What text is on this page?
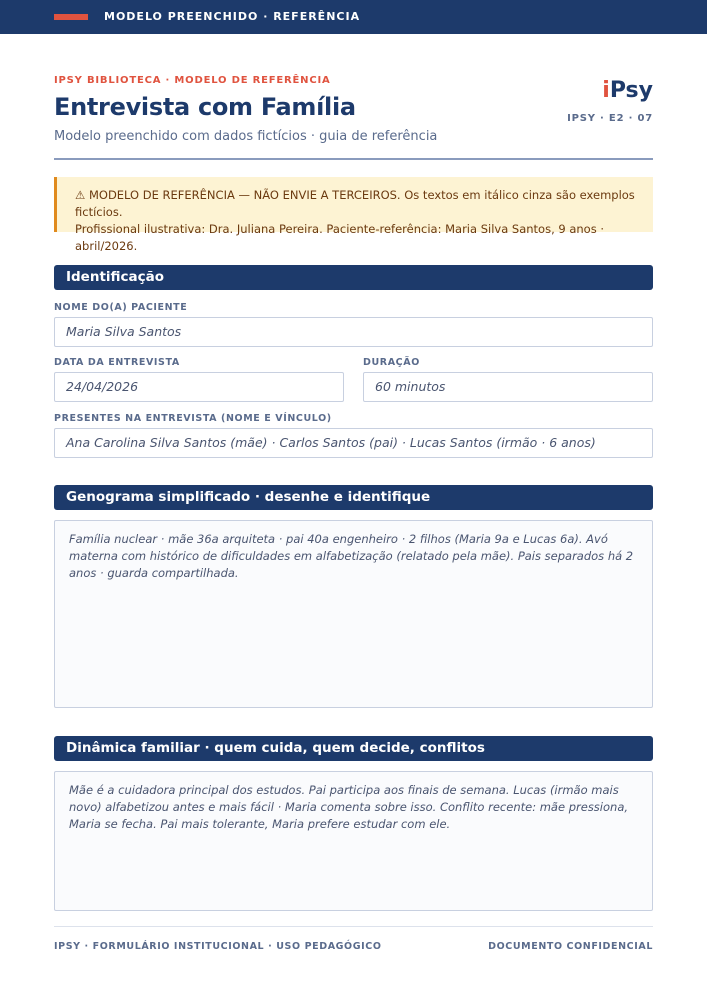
MODELO PREENCHIDO · REFERÊNCIA
IPSY BIBLIOTECA · MODELO DE REFERÊNCIA
Entrevista com Família
Modelo preenchido com dados fictícios · guia de referência
iPsy
IPSY · E2 · 07
⚠ MODELO DE REFERÊNCIA — NÃO ENVIE A TERCEIROS. Os textos em itálico cinza são exemplos fictícios.
Profissional ilustrativa: Dra. Juliana Pereira. Paciente-referência: Maria Silva Santos, 9 anos · abril/2026.
Identificação
NOME DO(A) PACIENTE
Maria Silva Santos
DATA DA ENTREVISTA
24/04/2026
DURAÇÃO
60 minutos
PRESENTES NA ENTREVISTA (NOME E VÍNCULO)
Ana Carolina Silva Santos (mãe) · Carlos Santos (pai) · Lucas Santos (irmão · 6 anos)
Genograma simplificado · desenhe e identifique
Família nuclear · mãe 36a arquiteta · pai 40a engenheiro · 2 filhos (Maria 9a e Lucas 6a). Avó materna com histórico de dificuldades em alfabetização (relatado pela mãe). Pais separados há 2 anos · guarda compartilhada.
Dinâmica familiar · quem cuida, quem decide, conflitos
Mãe é a cuidadora principal dos estudos. Pai participa aos finais de semana. Lucas (irmão mais novo) alfabetizou antes e mais fácil · Maria comenta sobre isso. Conflito recente: mãe pressiona, Maria se fecha. Pai mais tolerante, Maria prefere estudar com ele.
IPSY · FORMULÁRIO INSTITUCIONAL · USO PEDAGÓGICO	DOCUMENTO CONFIDENCIAL
